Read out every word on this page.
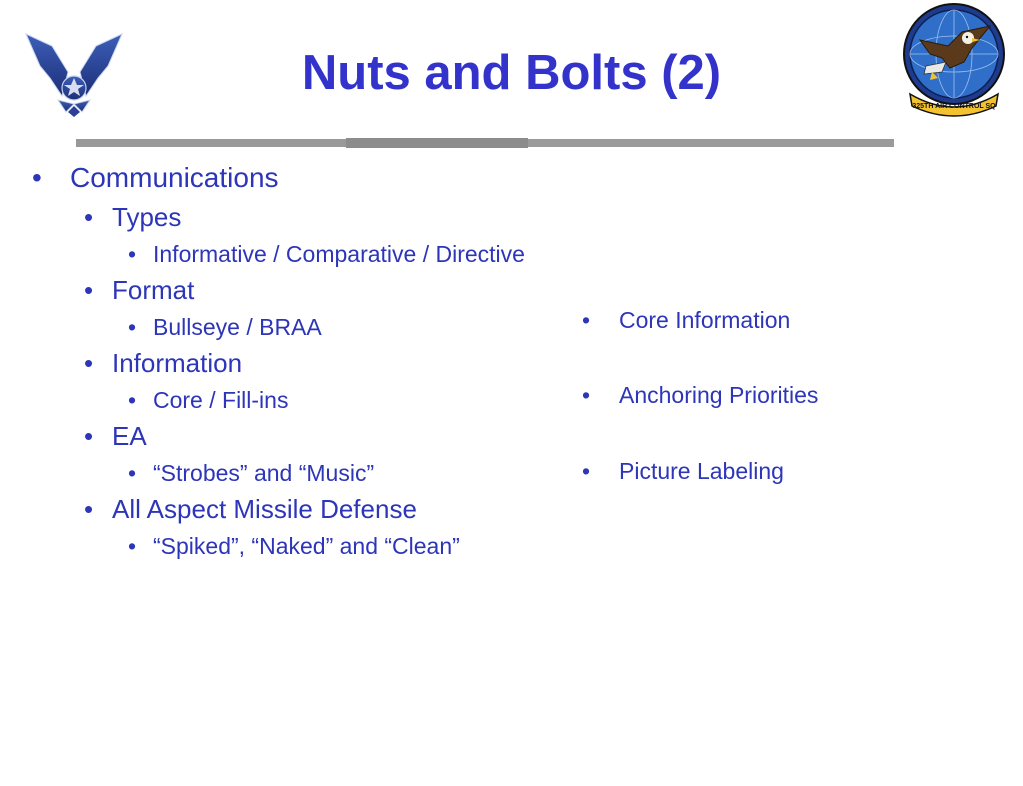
Nuts and Bolts (2)
325TH AIR CONTROL SQ
• Communications
• Types
• Informative / Comparative / Directive
• Format
• Bullseye / BRAA
• Information
• Core / Fill-ins
• EA
• “Strobes” and “Music”
• All Aspect Missile Defense
• “Spiked”, “Naked” and “Clean”
• Core Information
• Anchoring Priorities
• Picture Labeling
